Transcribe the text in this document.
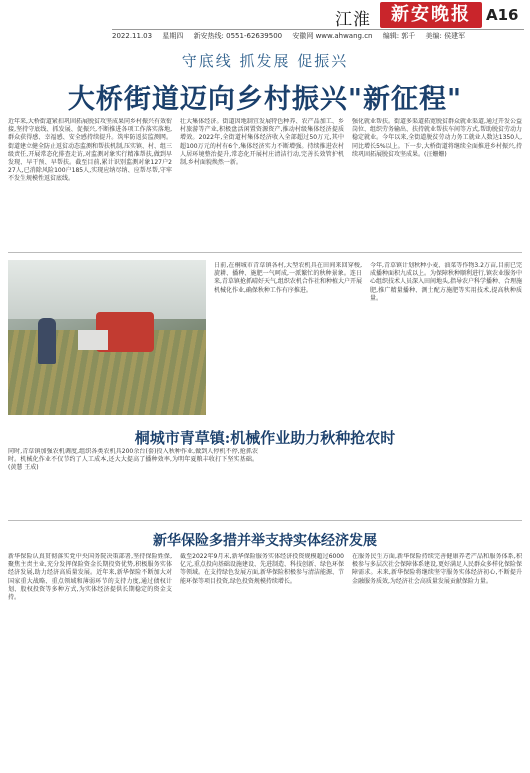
江淮	新安晚报	A16
2022.11.03 星期四 新安热线: 0551-62639500 安徽网 www.ahwang.cn 编辑: 郭千 美编: 侯建军
守底线 抓发展 促振兴
大桥街道迈向乡村振兴"新征程"
近年来,大桥街道紧扣巩固拓展脱贫攻坚成果同乡村振兴有效衔接,坚持守底线、抓发展、促振兴,不断推进各项工作落实落地,群众获得感、幸福感、安全感持续提升。筑牢防返贫监测网。街道建立健全防止返贫动态监测和帮扶机制,压实镇、村、组三级责任,开展常态化排查走访,对监测对象实行精准帮扶,做到早发现、早干预、早帮扶。截至目前,累计识别监测对象127户227人,已消除风险100户185人,实现应纳尽纳、应帮尽帮,守牢不发生规模性返贫底线。
壮大集体经济。街道因地制宜发展特色种养、农产品加工、乡村旅游等产业,积极盘活闲置资源资产,推动村级集体经济提质增效。2022年,全街道村集体经济收入全部超过50万元,其中超100万元的村有6个,集体经济实力不断增强。持续推进农村人居环境整治提升,常态化开展村庄清洁行动,完善长效管护机制,乡村面貌焕然一新。
强化就业帮扶。街道多渠道拓宽脱贫群众就业渠道,通过开发公益岗位、组织劳务输出、扶持就业帮扶车间等方式,帮助脱贫劳动力稳定就业。今年以来,全街道脱贫劳动力务工就业人数达1350人,同比增长5%以上。下一步,大桥街道将继续全面推进乡村振兴,持续巩固拓展脱贫攻坚成果。(汪姗姗)
桐城市青草镇:机械作业助力秋种抢农时
日前,在桐城市青草镇各村,大型农机具在田间来回穿梭,旋耕、播种、施肥一气呵成,一派繁忙的秋种景象。连日来,青草镇抢抓晴好天气,组织农机合作社和种植大户开展机械化作业,确保秋种工作有序推进。
今年,青草镇计划秋种小麦、油菜等作物3.2万亩,目前已完成播种面积九成以上。为保障秋种顺利进行,镇农业服务中心组织技术人员深入田间地头,指导农户科学播种、合理施肥,推广精量播种、测土配方施肥等实用技术,提高秋种质量。
同时,青草镇加强农机调度,组织各类农机具200余台(套)投入秋种作业,做到人停机不停,抢抓农时。机械化作业不仅节约了人工成本,还大大提高了播种效率,为明年夏粮丰收打下坚实基础。(黄慧 王成)
新华保险多措并举支持实体经济发展
新华保险认真贯彻落实党中央国务院决策部署,坚持保险姓保,聚焦主责主业,充分发挥保险资金长期投资优势,积极服务实体经济发展,助力经济高质量发展。近年来,新华保险不断加大对国家重大战略、重点领域和薄弱环节的支持力度,通过债权计划、股权投资等多种方式,为实体经济提供长期稳定的资金支持。
截至2022年9月末,新华保险服务实体经济投资规模超过6000亿元,重点投向基础设施建设、先进制造、科技创新、绿色环保等领域。在支持绿色发展方面,新华保险积极参与清洁能源、节能环保等项目投资,绿色投资规模持续增长。
在服务民生方面,新华保险持续完善健康养老产品和服务体系,积极参与多层次社会保障体系建设,更好满足人民群众多样化保险保障需求。未来,新华保险将继续坚守服务实体经济初心,不断提升金融服务质效,为经济社会高质量发展贡献保险力量。
